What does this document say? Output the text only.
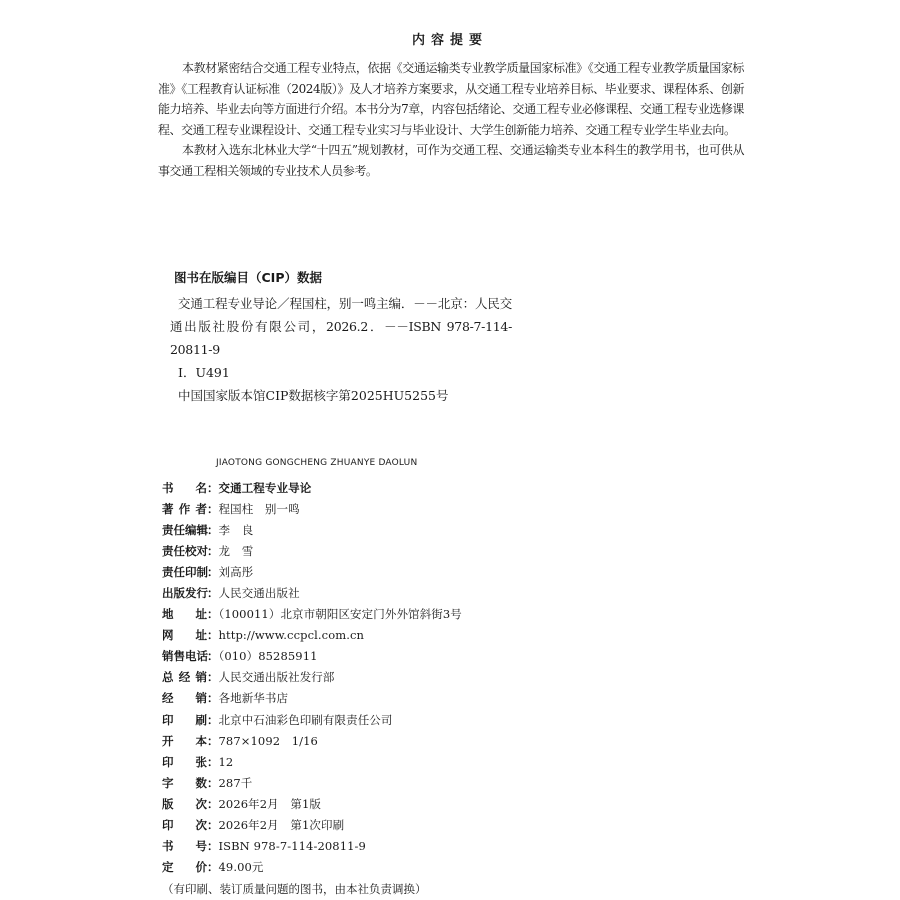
内容提要

本教材紧密结合交通工程专业特点，依据《交通运输类专业教学质量国家标准》《交通工程专业教学质量国家标准》《工程教育认证标准（2024版）》及人才培养方案要求，从交通工程专业培养目标、毕业要求、课程体系、创新能力培养、毕业去向等方面进行介绍。本书分为7章，内容包括绪论、交通工程专业必修课程、交通工程专业选修课程、交通工程专业课程设计、交通工程专业实习与毕业设计、大学生创新能力培养、交通工程专业学生毕业去向。

本教材入选东北林业大学“十四五”规划教材，可作为交通工程、交通运输类专业本科生的教学用书，也可供从事交通工程相关领域的专业技术人员参考。

图书在版编目（CIP）数据

交通工程专业导论／程国柱，别一鸣主编．－－北京：人民交通出版社股份有限公司，2026.2．－－ISBN 978-7-114-20811-9

Ⅰ．U491
中国国家版本馆CIP数据核字第2025HU5255号
JIAOTONG GONGCHENG ZHUANYE DAOLUN
书　名：交通工程专业导论
著作者：程国柱　别一鸣
责任编辑：李　良
责任校对：龙　雪
责任印制：刘高彤
出版发行：人民交通出版社
地　址：（100011）北京市朝阳区安定门外外馆斜街3号
网　址：http://www.ccpcl.com.cn
销售电话：（010）85285911
总经销：人民交通出版社发行部
经　销：各地新华书店
印　刷：北京中石油彩色印刷有限责任公司
开　本：787×1092　1/16
印　张：12
字　数：287千
版　次：2026年2月　第1版
印　次：2026年2月　第1次印刷
书　号：ISBN 978-7-114-20811-9
定　价：49.00元
（有印刷、装订质量问题的图书，由本社负责调换）
